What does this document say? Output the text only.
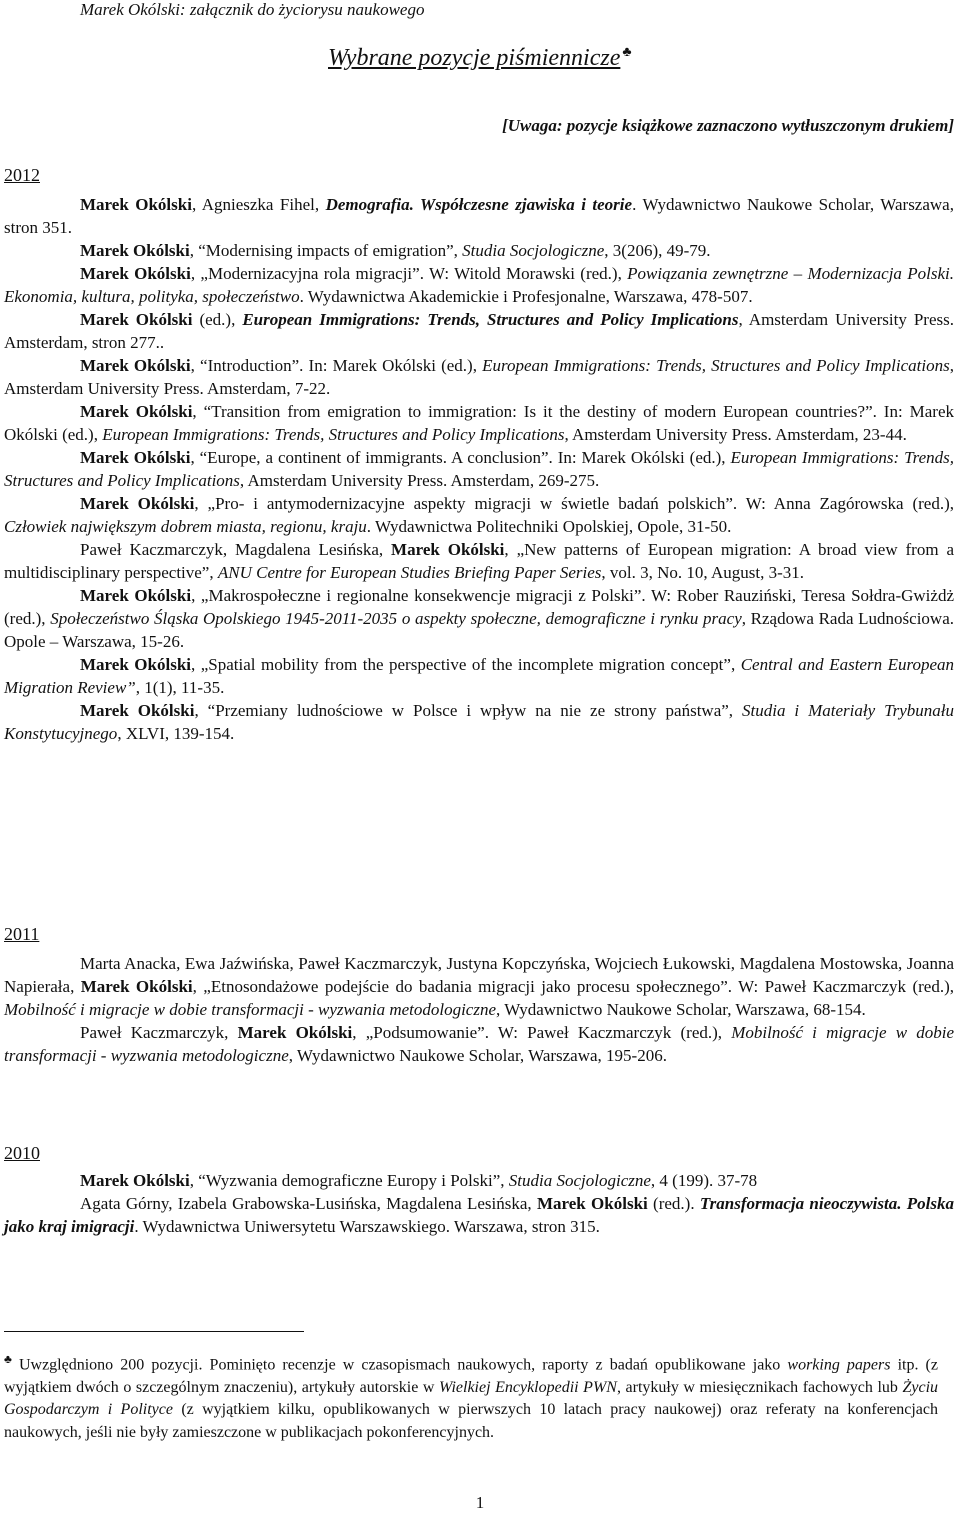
Marek Okólski: załącznik do życiorysu naukowego
Wybrane pozycje piśmiennicze ♣
[Uwaga: pozycje książkowe zaznaczono wytłuszczonym drukiem]
2012

Marek Okólski, Agnieszka Fihel, Demografia. Współczesne zjawiska i teorie. Wydawnictwo Naukowe Scholar, Warszawa, stron 351.

Marek Okólski, “Modernising impacts of emigration”, Studia Socjologiczne, 3(206), 49-79.

Marek Okólski, „Modernizacyjna rola migracji”. W: Witold Morawski (red.), Powiązania zewnętrzne – Modernizacja Polski. Ekonomia, kultura, polityka, społeczeństwo. Wydawnictwa Akademickie i Profesjonalne, Warszawa, 478-507.

Marek Okólski (ed.), European Immigrations: Trends, Structures and Policy Implications, Amsterdam University Press. Amsterdam, stron 277..

Marek Okólski, “Introduction”. In: Marek Okólski (ed.), European Immigrations: Trends, Structures and Policy Implications, Amsterdam University Press. Amsterdam, 7-22.

Marek Okólski, “Transition from emigration to immigration: Is it the destiny of modern European countries?”. In: Marek Okólski (ed.), European Immigrations: Trends, Structures and Policy Implications, Amsterdam University Press. Amsterdam, 23-44.

Marek Okólski, “Europe, a continent of immigrants. A conclusion”. In: Marek Okólski (ed.), European Immigrations: Trends, Structures and Policy Implications, Amsterdam University Press. Amsterdam, 269-275.

Marek Okólski, „Pro- i antymodernizacyjne aspekty migracji w świetle badań polskich”. W: Anna Zagórowska (red.), Człowiek największym dobrem miasta, regionu, kraju. Wydawnictwa Politechniki Opolskiej, Opole, 31-50.

Paweł Kaczmarczyk, Magdalena Lesińska, Marek Okólski, „New patterns of European migration: A broad view from a multidisciplinary perspective”, ANU Centre for European Studies Briefing Paper Series, vol. 3, No. 10, August, 3-31.

Marek Okólski, „Makrospołeczne i regionalne konsekwencje migracji z Polski”. W: Rober Rauziński, Teresa Sołdra-Gwiżdż (red.), Społeczeństwo Śląska Opolskiego 1945-2011-2035 o aspekty społeczne, demograficzne i rynku pracy, Rządowa Rada Ludnościowa. Opole – Warszawa, 15-26.

Marek Okólski, „Spatial mobility from the perspective of the incomplete migration concept”, Central and Eastern European Migration Review”, 1(1), 11-35.

Marek Okólski, “Przemiany ludnościowe w Polsce i wpływ na nie ze strony państwa”, Studia i Materiały Trybunału Konstytucyjnego, XLVI, 139-154.

2011

Marta Anacka, Ewa Jaźwińska, Paweł Kaczmarczyk, Justyna Kopczyńska, Wojciech Łukowski, Magdalena Mostowska, Joanna Napierała, Marek Okólski, „Etnosondażowe podejście do badania migracji jako procesu społecznego”. W: Paweł Kaczmarczyk (red.), Mobilność i migracje w dobie transformacji - wyzwania metodologiczne, Wydawnictwo Naukowe Scholar, Warszawa, 68-154.

Paweł Kaczmarczyk, Marek Okólski, „Podsumowanie”. W: Paweł Kaczmarczyk (red.), Mobilność i migracje w dobie transformacji - wyzwania metodologiczne, Wydawnictwo Naukowe Scholar, Warszawa, 195-206.

2010

Marek Okólski, “Wyzwania demograficzne Europy i Polski”, Studia Socjologiczne, 4 (199). 37-78

Agata Górny, Izabela Grabowska-Lusińska, Magdalena Lesińska, Marek Okólski (red.). Transformacja nieoczywista. Polska jako kraj imigracji. Wydawnictwa Uniwersytetu Warszawskiego. Warszawa, stron 315.

♣ Uwzględniono 200 pozycji. Pominięto recenzje w czasopismach naukowych, raporty z badań opublikowane jako working papers itp. (z wyjątkiem dwóch o szczególnym znaczeniu), artykuły autorskie w Wielkiej Encyklopedii PWN, artykuły w miesięcznikach fachowych lub Życiu Gospodarczym i Polityce (z wyjątkiem kilku, opublikowanych w pierwszych 10 latach pracy naukowej) oraz referaty na konferencjach naukowych, jeśli nie były zamieszczone w publikacjach pokonferencyjnych.
1
